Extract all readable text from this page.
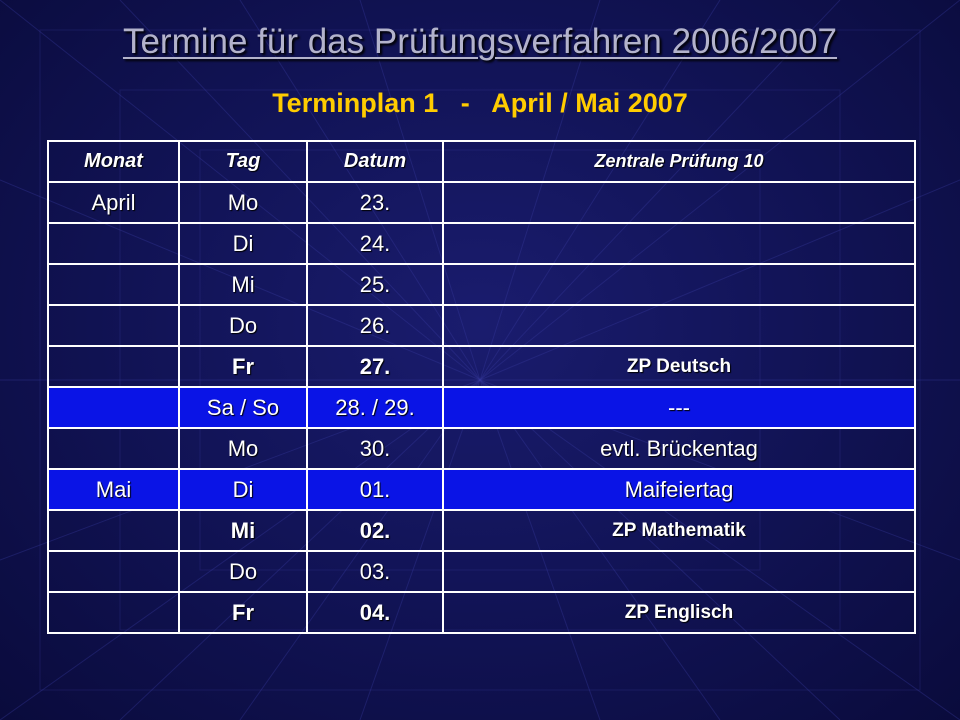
Termine für das Prüfungsverfahren 2006/2007
Terminplan 1   -   April / Mai 2007
Monat	Tag	Datum	Zentrale Prüfung 10
April	Mo	23.	
	Di	24.	
	Mi	25.	
	Do	26.	
	Fr	27.	ZP Deutsch
	Sa / So	28. / 29.	---
	Mo	30.	evtl. Brückentag
Mai	Di	01.	Maifeiertag
	Mi	02.	ZP Mathematik
	Do	03.	
	Fr	04.	ZP Englisch
